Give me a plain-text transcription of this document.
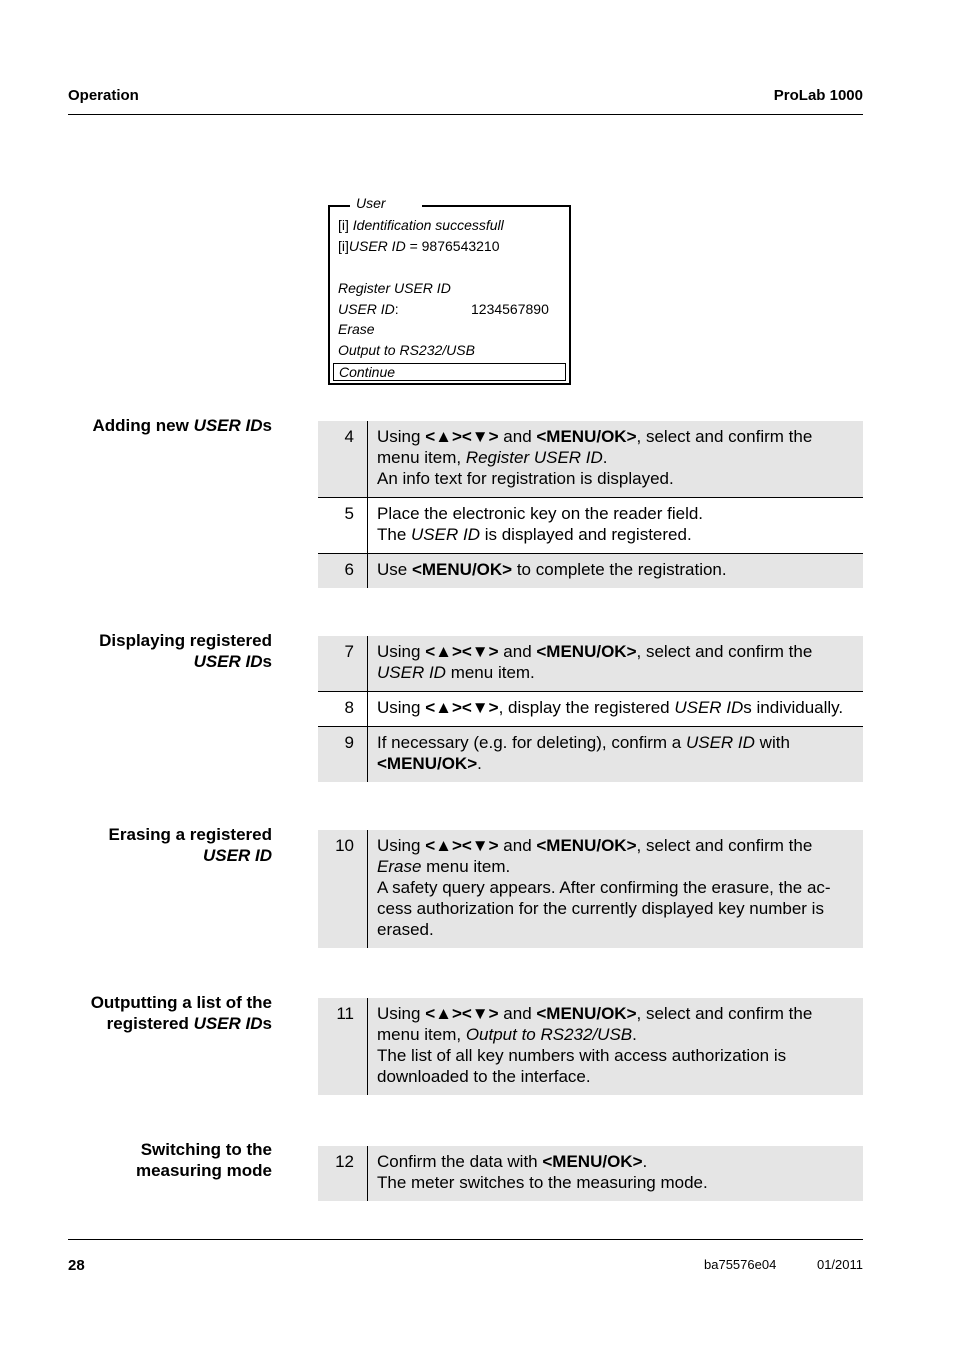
Operation	ProLab 1000
User
[i] Identification successfull
[i]USER ID = 9876543210
Register USER ID
USER ID:	1234567890
Erase
Output to RS232/USB
Continue
Adding new USER IDs
4	Using <▲><▼> and <MENU/OK>, select and confirm the menu item, Register USER ID.
An info text for registration is displayed.
5	Place the electronic key on the reader field.
The USER ID is displayed and registered.
6	Use <MENU/OK> to complete the registration.
Displaying registered
USER IDs
7	Using <▲><▼> and <MENU/OK>, select and confirm the
USER ID menu item.
8	Using <▲><▼>, display the registered USER IDs individually.
9	If necessary (e.g. for deleting), confirm a USER ID with
<MENU/OK>.
Erasing a registered
USER ID
10	Using <▲><▼> and <MENU/OK>, select and confirm the
Erase menu item.
A safety query appears. After confirming the erasure, the ac-cess authorization for the currently displayed key number is erased.
Outputting a list of the
registered USER IDs
11	Using <▲><▼> and <MENU/OK>, select and confirm the menu item, Output to RS232/USB.
The list of all key numbers with access authorization is downloaded to the interface.
Switching to the
measuring mode	12	Confirm the data with <MENU/OK>.
The meter switches to the measuring mode.
28	ba75576e04	01/2011
